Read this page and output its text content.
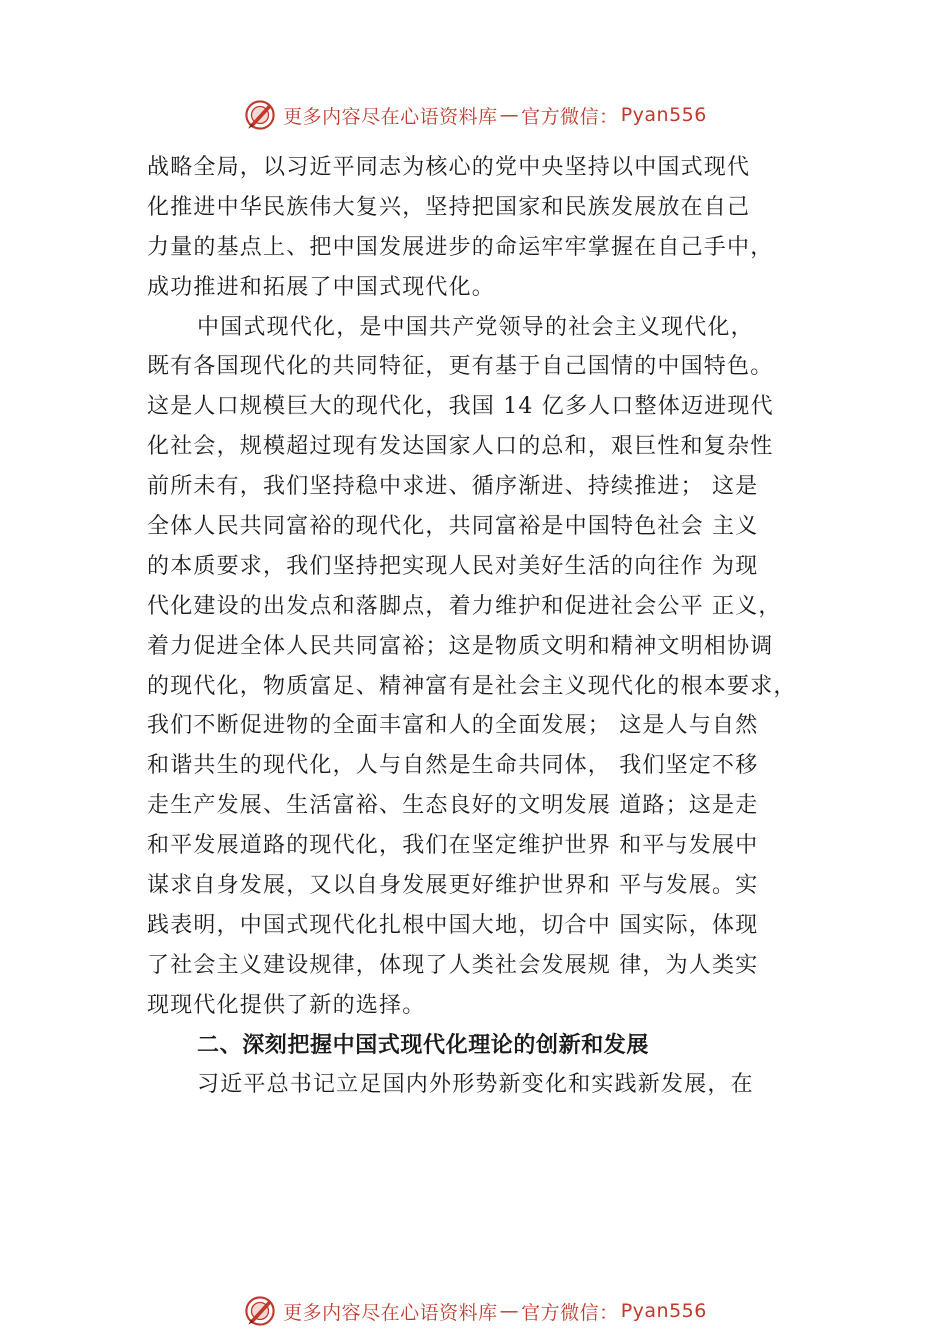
更多内容尽在心语资料库 — 官方微信： Pyan556
战略全局，以习近平同志为核心的党中央坚持以中国式现代
化推进中华民族伟大复兴，坚持把国家和民族发展放在自己
力量的基点上、把中国发展进步的命运牢牢掌握在自己手中，
成功推进和拓展了中国式现代化。
中国式现代化，是中国共产党领导的社会主义现代化，
既有各国现代化的共同特征，更有基于自己国情的中国特色。
这是人口规模巨大的现代化，我国 14 亿多人口整体迈进现代
化社会，规模超过现有发达国家人口的总和，艰巨性和复杂性
前所未有，我们坚持稳中求进、循序渐进、持续推进； 这是
全体人民共同富裕的现代化，共同富裕是中国特色社会 主义
的本质要求，我们坚持把实现人民对美好生活的向往作 为现
代化建设的出发点和落脚点，着力维护和促进社会公平 正义，
着力促进全体人民共同富裕；这是物质文明和精神文明相协调
的现代化，物质富足、精神富有是社会主义现代化的根本要求，
我们不断促进物的全面丰富和人的全面发展； 这是人与自然
和谐共生的现代化，人与自然是生命共同体， 我们坚定不移
走生产发展、生活富裕、生态良好的文明发展 道路；这是走
和平发展道路的现代化，我们在坚定维护世界 和平与发展中
谋求自身发展，又以自身发展更好维护世界和 平与发展。实
践表明，中国式现代化扎根中国大地，切合中 国实际，体现
了社会主义建设规律，体现了人类社会发展规 律，为人类实
现现代化提供了新的选择。
二、深刻把握中国式现代化理论的创新和发展
习近平总书记立足国内外形势新变化和实践新发展，在
更多内容尽在心语资料库 — 官方微信： Pyan556
